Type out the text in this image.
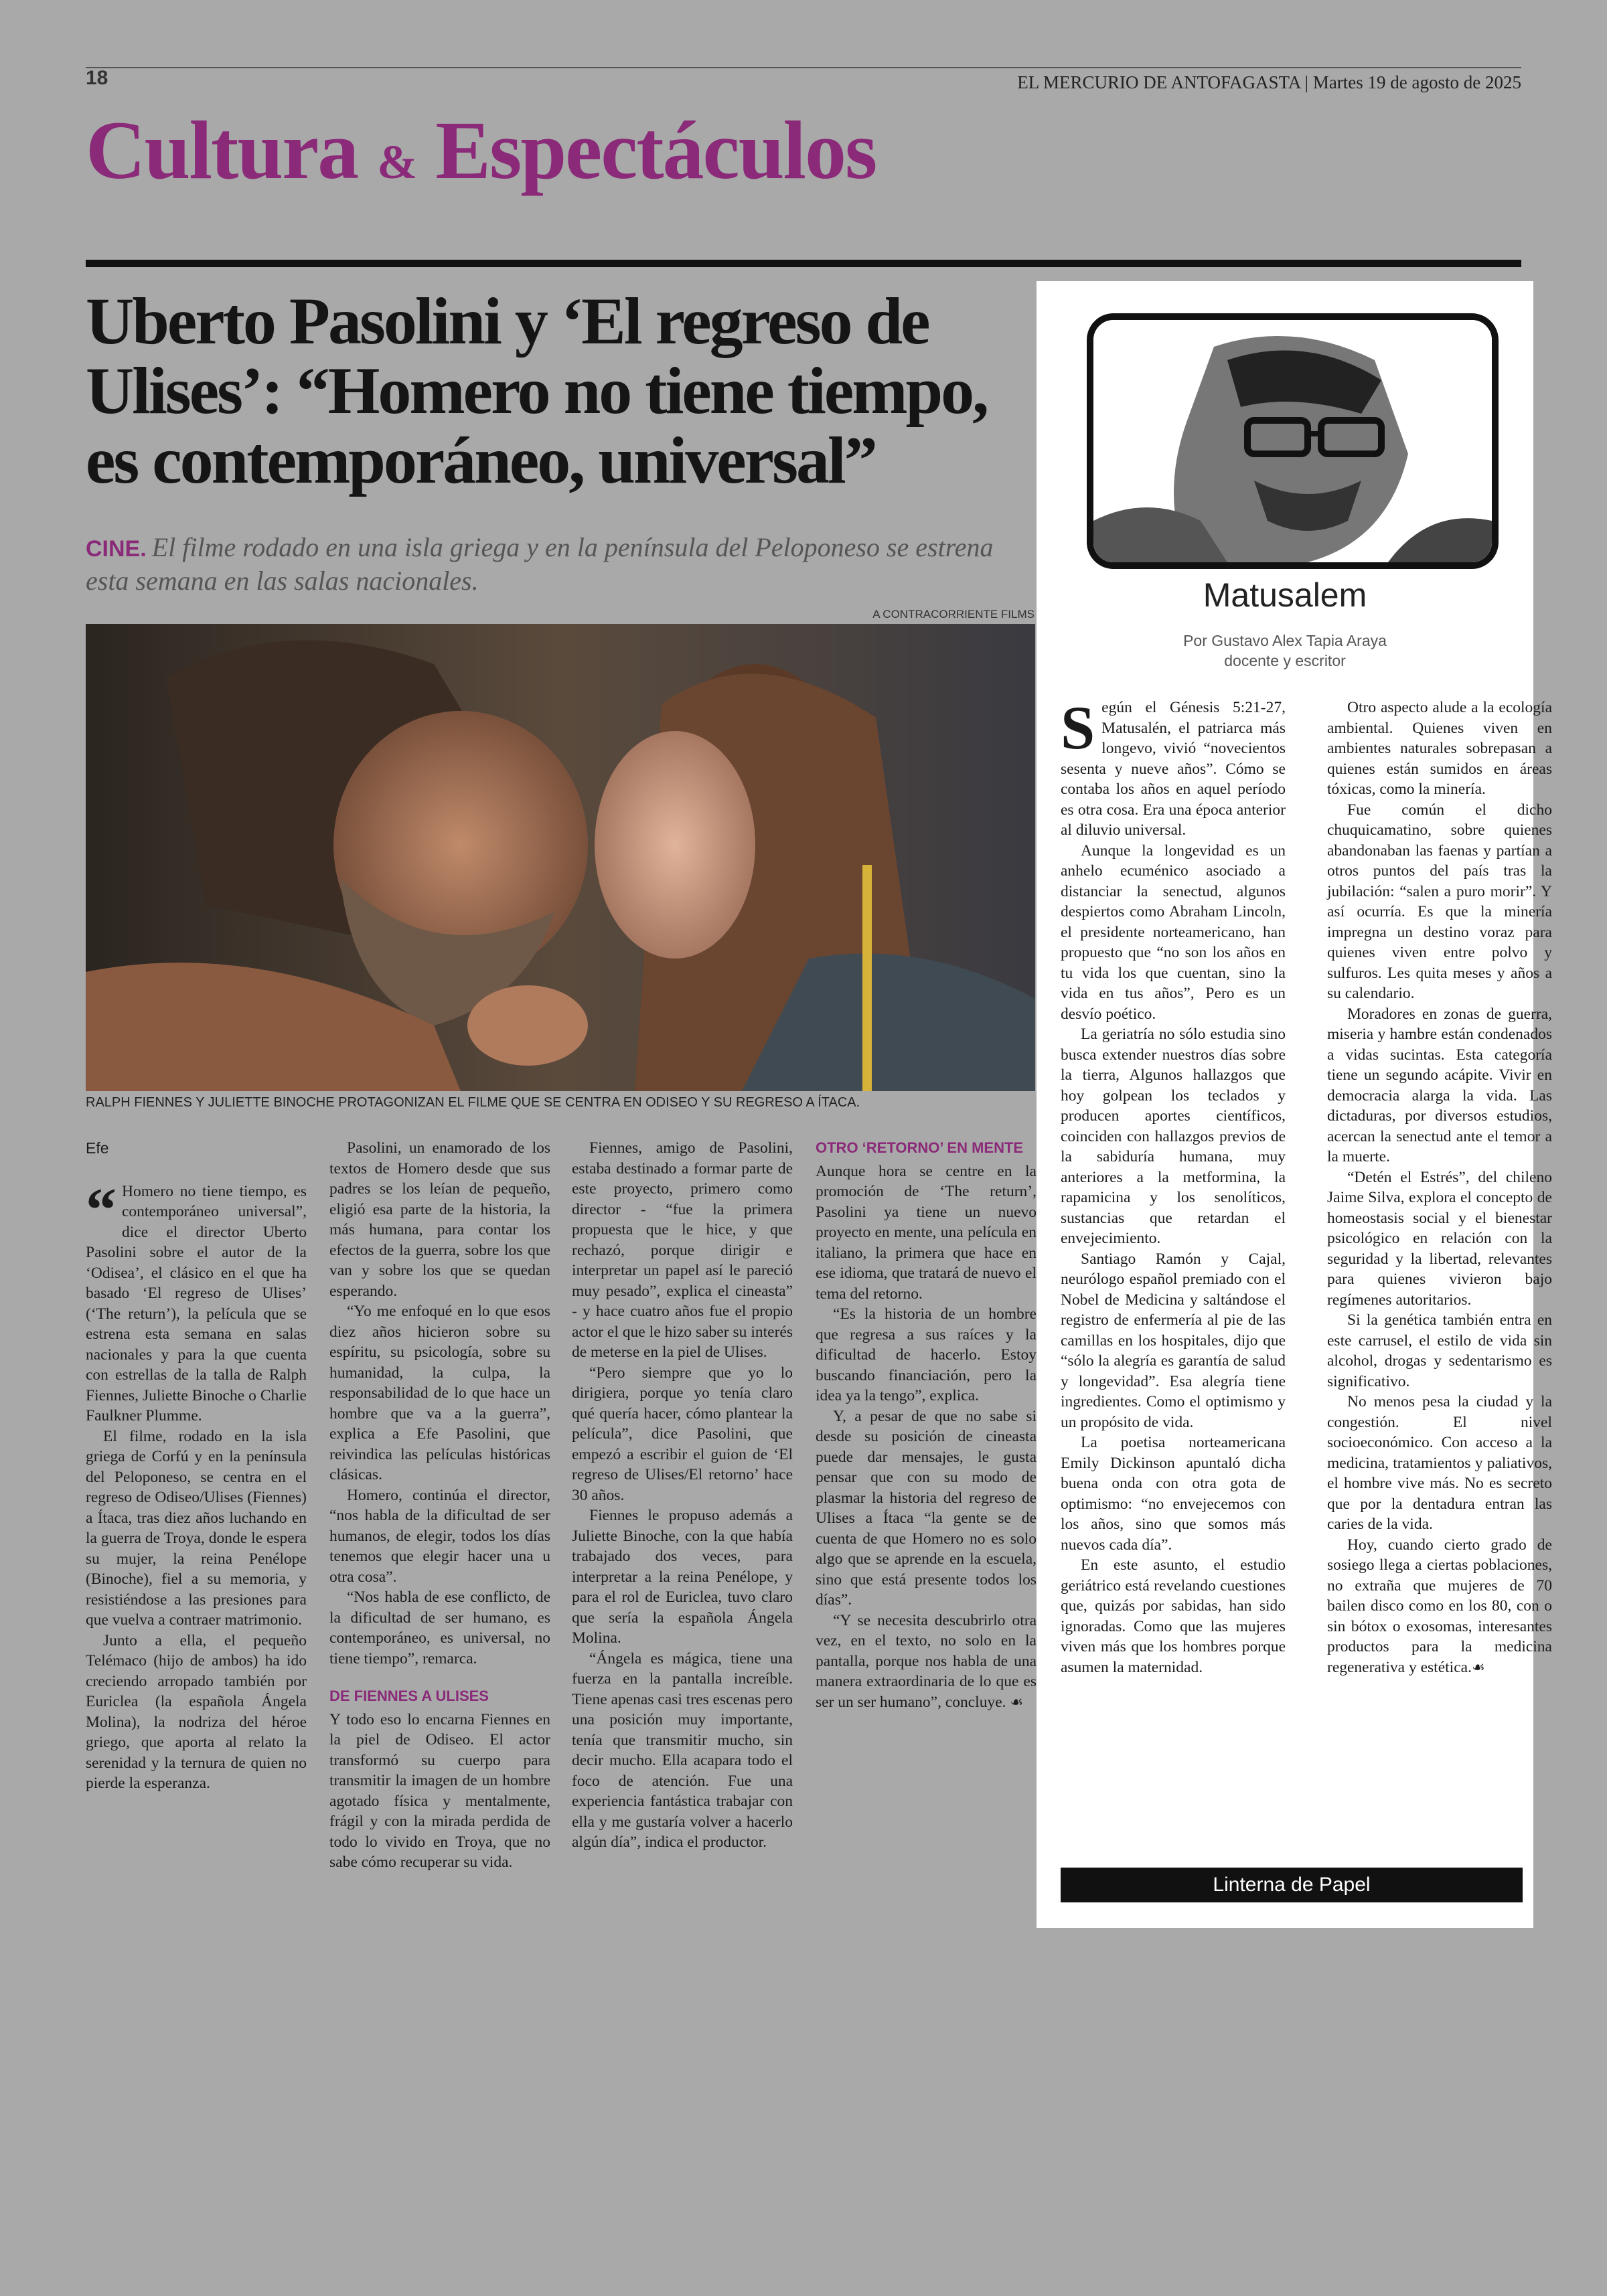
18	EL MERCURIO DE ANTOFAGASTA | Martes 19 de agosto de 2025
Cultura & Espectáculos
Uberto Pasolini y ‘El regreso de Ulises’: “Homero no tiene tiempo, es contemporáneo, universal”
CINE. El filme rodado en una isla griega y en la península del Peloponeso se estrena esta semana en las salas nacionales.
A CONTRACORRIENTE FILMS
RALPH FIENNES Y JULIETTE BINOCHE PROTAGONIZAN EL FILME QUE SE CENTRA EN ODISEO Y SU REGRESO A ÍTACA.

Efe

“ Homero no tiene tiempo, es contemporáneo universal”, dice el director Uberto Pasolini sobre el autor de la ‘Odisea’, el clásico en el que ha basado ‘El regreso de Ulises’ (‘The return’), la película que se estrena esta semana en salas nacionales y para la que cuenta con estrellas de la talla de Ralph Fiennes, Juliette Binoche o Charlie Faulkner Plumme.

El filme, rodado en la isla griega de Corfú y en la península del Peloponeso, se centra en el regreso de Odiseo/Ulises (Fiennes) a Ítaca, tras diez años luchando en la guerra de Troya, donde le espera su mujer, la reina Penélope (Binoche), fiel a su memoria, y resistiéndose a las presiones para que vuelva a contraer matrimonio.

Junto a ella, el pequeño Telémaco (hijo de ambos) ha ido creciendo arropado también por Euriclea (la española Ángela Molina), la nodriza del héroe griego, que aporta al relato la serenidad y la ternura de quien no pierde la esperanza.

Pasolini, un enamorado de los textos de Homero desde que sus padres se los leían de pequeño, eligió esa parte de la historia, la más humana, para contar los efectos de la guerra, sobre los que van y sobre los que se quedan esperando.

“Yo me enfoqué en lo que esos diez años hicieron sobre su espíritu, su psicología, sobre su humanidad, la culpa, la responsabilidad de lo que hace un hombre que va a la guerra”, explica a Efe Pasolini, que reivindica las películas históricas clásicas.

Homero, continúa el director, “nos habla de la dificultad de ser humanos, de elegir, todos los días tenemos que elegir hacer una u otra cosa”.

“Nos habla de ese conflicto, de la dificultad de ser humano, es contemporáneo, es universal, no tiene tiempo”, remarca.

DE FIENNES A ULISES

Y todo eso lo encarna Fiennes en la piel de Odiseo. El actor transformó su cuerpo para transmitir la imagen de un hombre agotado física y mentalmente, frágil y con la mirada perdida de todo lo vivido en Troya, que no sabe cómo recuperar su vida.

Fiennes, amigo de Pasolini, estaba destinado a formar parte de este proyecto, primero como director - “fue la primera propuesta que le hice, y que rechazó, porque dirigir e interpretar un papel así le pareció muy pesado”, explica el cineasta” - y hace cuatro años fue el propio actor el que le hizo saber su interés de meterse en la piel de Ulises.

“Pero siempre que yo lo dirigiera, porque yo tenía claro qué quería hacer, cómo plantear la película”, dice Pasolini, que empezó a escribir el guion de ‘El regreso de Ulises/El retorno’ hace 30 años.

Fiennes le propuso además a Juliette Binoche, con la que había trabajado dos veces, para interpretar a la reina Penélope, y para el rol de Euriclea, tuvo claro que sería la española Ángela Molina.

“Ángela es mágica, tiene una fuerza en la pantalla increíble. Tiene apenas casi tres escenas pero una posición muy importante, tenía que transmitir mucho, sin decir mucho. Ella acapara todo el foco de atención. Fue una experiencia fantástica trabajar con ella y me gustaría volver a hacerlo algún día”, indica el productor.

OTRO ‘RETORNO’ EN MENTE

Aunque hora se centre en la promoción de ‘The return’, Pasolini ya tiene un nuevo proyecto en mente, una película en italiano, la primera que hace en ese idioma, que tratará de nuevo el tema del retorno.

“Es la historia de un hombre que regresa a sus raíces y la dificultad de hacerlo. Estoy buscando financiación, pero la idea ya la tengo”, explica.

Y, a pesar de que no sabe si desde su posición de cineasta puede dar mensajes, le gusta pensar que con su modo de plasmar la historia del regreso de Ulises a Ítaca “la gente se de cuenta de que Homero no es solo algo que se aprende en la escuela, sino que está presente todos los días”.

“Y se necesita descubrirlo otra vez, en el texto, no solo en la pantalla, porque nos habla de una manera extraordinaria de lo que es ser un ser humano”, concluye. ☙

Matusalem
Por Gustavo Alex Tapia Araya
docente y escritor

Según el Génesis 5:21-27, Matusalén, el patriarca más longevo, vivió “novecientos sesenta y nueve años”. Cómo se contaba los años en aquel período es otra cosa. Era una época anterior al diluvio universal.

Aunque la longevidad es un anhelo ecuménico asociado a distanciar la senectud, algunos despiertos como Abraham Lincoln, el presidente norteamericano, han propuesto que “no son los años en tu vida los que cuentan, sino la vida en tus años”, Pero es un desvío poético.

La geriatría no sólo estudia sino busca extender nuestros días sobre la tierra, Algunos hallazgos que hoy golpean los teclados y producen aportes científicos, coinciden con hallazgos previos de la sabiduría humana, muy anteriores a la metformina, la rapamicina y los senolíticos, sustancias que retardan el envejecimiento.

Santiago Ramón y Cajal, neurólogo español premiado con el Nobel de Medicina y saltándose el registro de enfermería al pie de las camillas en los hospitales, dijo que “sólo la alegría es garantía de salud y longevidad”. Esa alegría tiene ingredientes. Como el optimismo y un propósito de vida.

La poetisa norteamericana Emily Dickinson apuntaló dicha buena onda con otra gota de optimismo: “no envejecemos con los años, sino que somos más nuevos cada día”.

En este asunto, el estudio geriátrico está revelando cuestiones que, quizás por sabidas, han sido ignoradas. Como que las mujeres viven más que los hombres porque asumen la maternidad.

Otro aspecto alude a la ecología ambiental. Quienes viven en ambientes naturales sobrepasan a quienes están sumidos en áreas tóxicas, como la minería.

Fue común el dicho chuquicamatino, sobre quienes abandonaban las faenas y partían a otros puntos del país tras la jubilación: “salen a puro morir”. Y así ocurría. Es que la minería impregna un destino voraz para quienes viven entre polvo y sulfuros. Les quita meses y años a su calendario.

Moradores en zonas de guerra, miseria y hambre están condenados a vidas sucintas. Esta categoría tiene un segundo acápite. Vivir en democracia alarga la vida. Las dictaduras, por diversos estudios, acercan la senectud ante el temor a la muerte.

“Detén el Estrés”, del chileno Jaime Silva, explora el concepto de homeostasis social y el bienestar psicológico en relación con la seguridad y la libertad, relevantes para quienes vivieron bajo regímenes autoritarios.

Si la genética también entra en este carrusel, el estilo de vida sin alcohol, drogas y sedentarismo es significativo.

No menos pesa la ciudad y la congestión. El nivel socioeconómico. Con acceso a la medicina, tratamientos y paliativos, el hombre vive más. No es secreto que por la dentadura entran las caries de la vida.

Hoy, cuando cierto grado de sosiego llega a ciertas poblaciones, no extraña que mujeres de 70 bailen disco como en los 80, con o sin bótox o exosomas, interesantes productos para la medicina regenerativa y estética.☙

Linterna de Papel
